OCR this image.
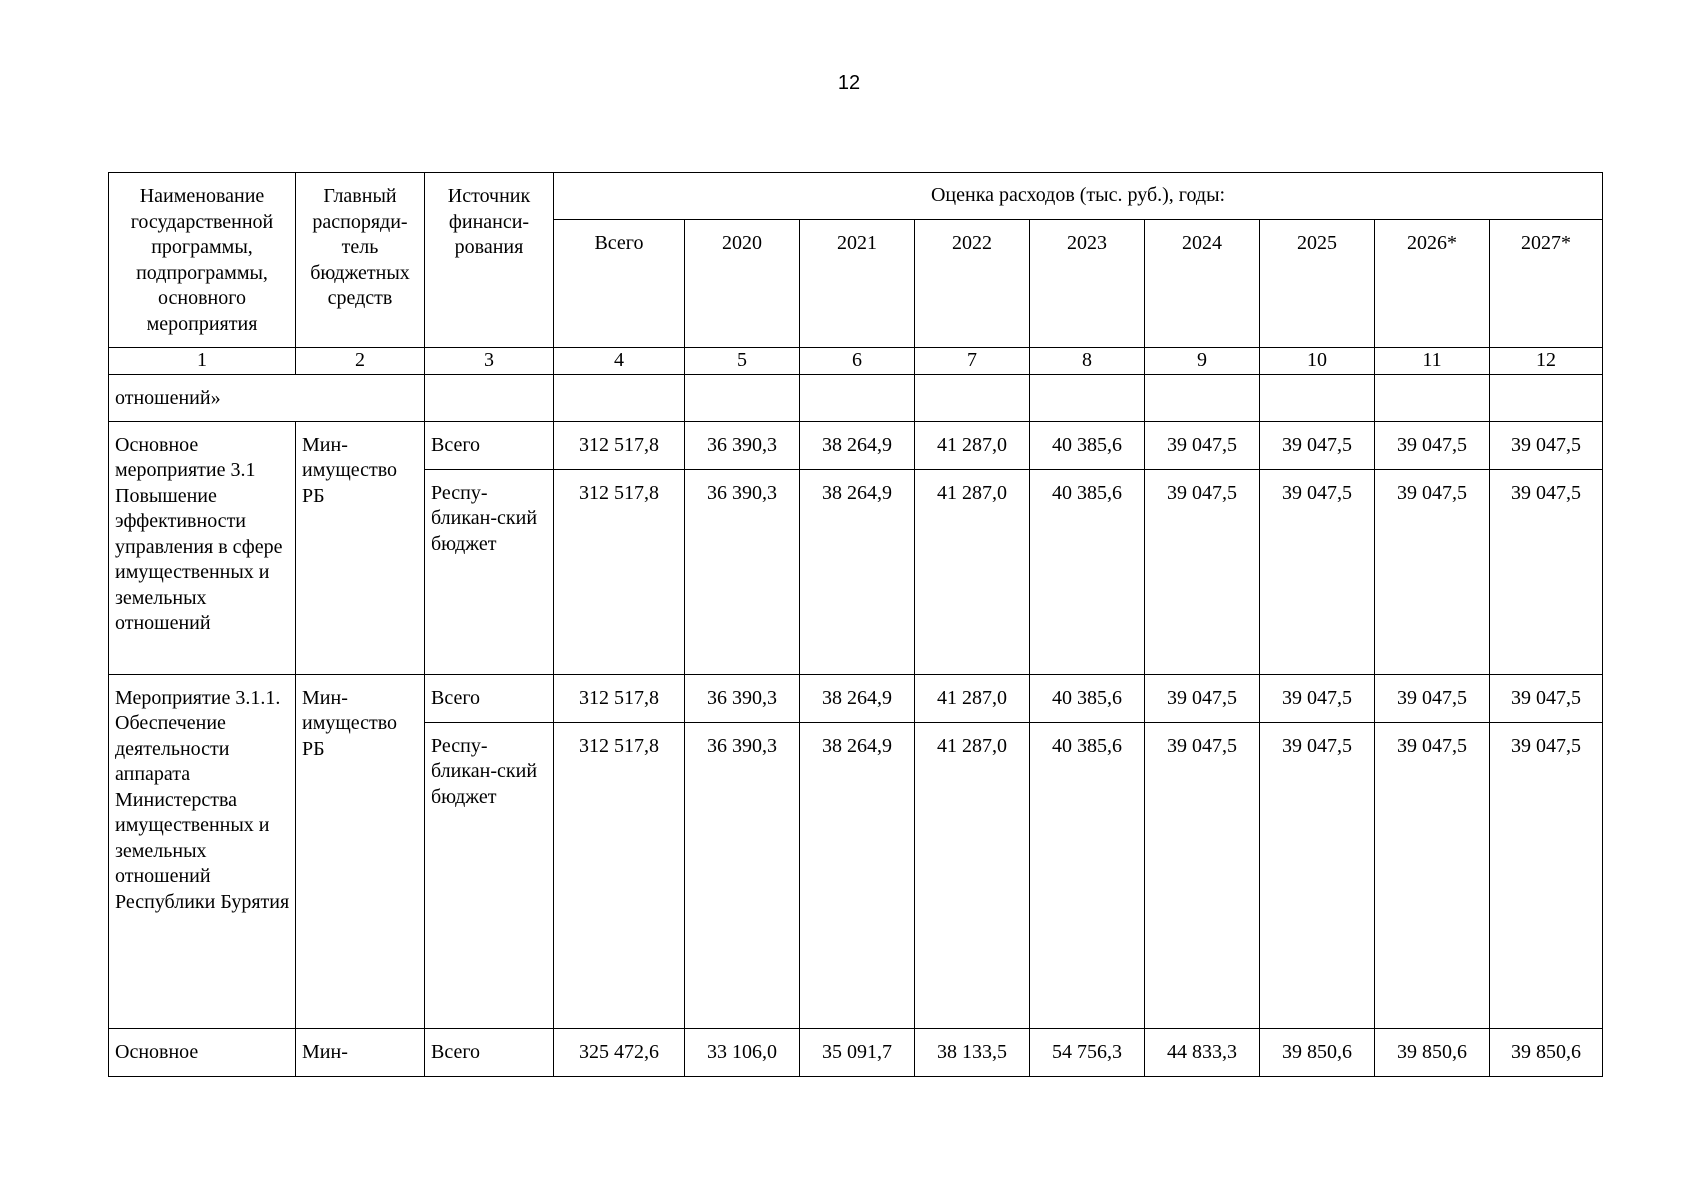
12
Наименование государственной программы, подпрограммы, основного мероприятия	Главный распоряди-тель бюджетных средств	Источник финанси-рования	Оценка расходов (тыс. руб.), годы:								
			Всего	2020	2021	2022	2023	2024	2025	2026*	2027*
1	2	3	4	5	6	7	8	9	10	11	12
отношений»											
Основное мероприятие 3.1 Повышение эффективности управления в сфере имущественных и земельных отношений	Мин-имущество РБ	Всего	312 517,8	36 390,3	38 264,9	41 287,0	40 385,6	39 047,5	39 047,5	39 047,5	39 047,5
		Респу-бликан-ский бюджет	312 517,8	36 390,3	38 264,9	41 287,0	40 385,6	39 047,5	39 047,5	39 047,5	39 047,5
Мероприятие 3.1.1. Обеспечение деятельности аппарата Министерства имущественных и земельных отношений Республики Бурятия	Мин-имущество РБ	Всего	312 517,8	36 390,3	38 264,9	41 287,0	40 385,6	39 047,5	39 047,5	39 047,5	39 047,5
		Респу-бликан-ский бюджет	312 517,8	36 390,3	38 264,9	41 287,0	40 385,6	39 047,5	39 047,5	39 047,5	39 047,5
Основное	Мин-	Всего	325 472,6	33 106,0	35 091,7	38 133,5	54 756,3	44 833,3	39 850,6	39 850,6	39 850,6
